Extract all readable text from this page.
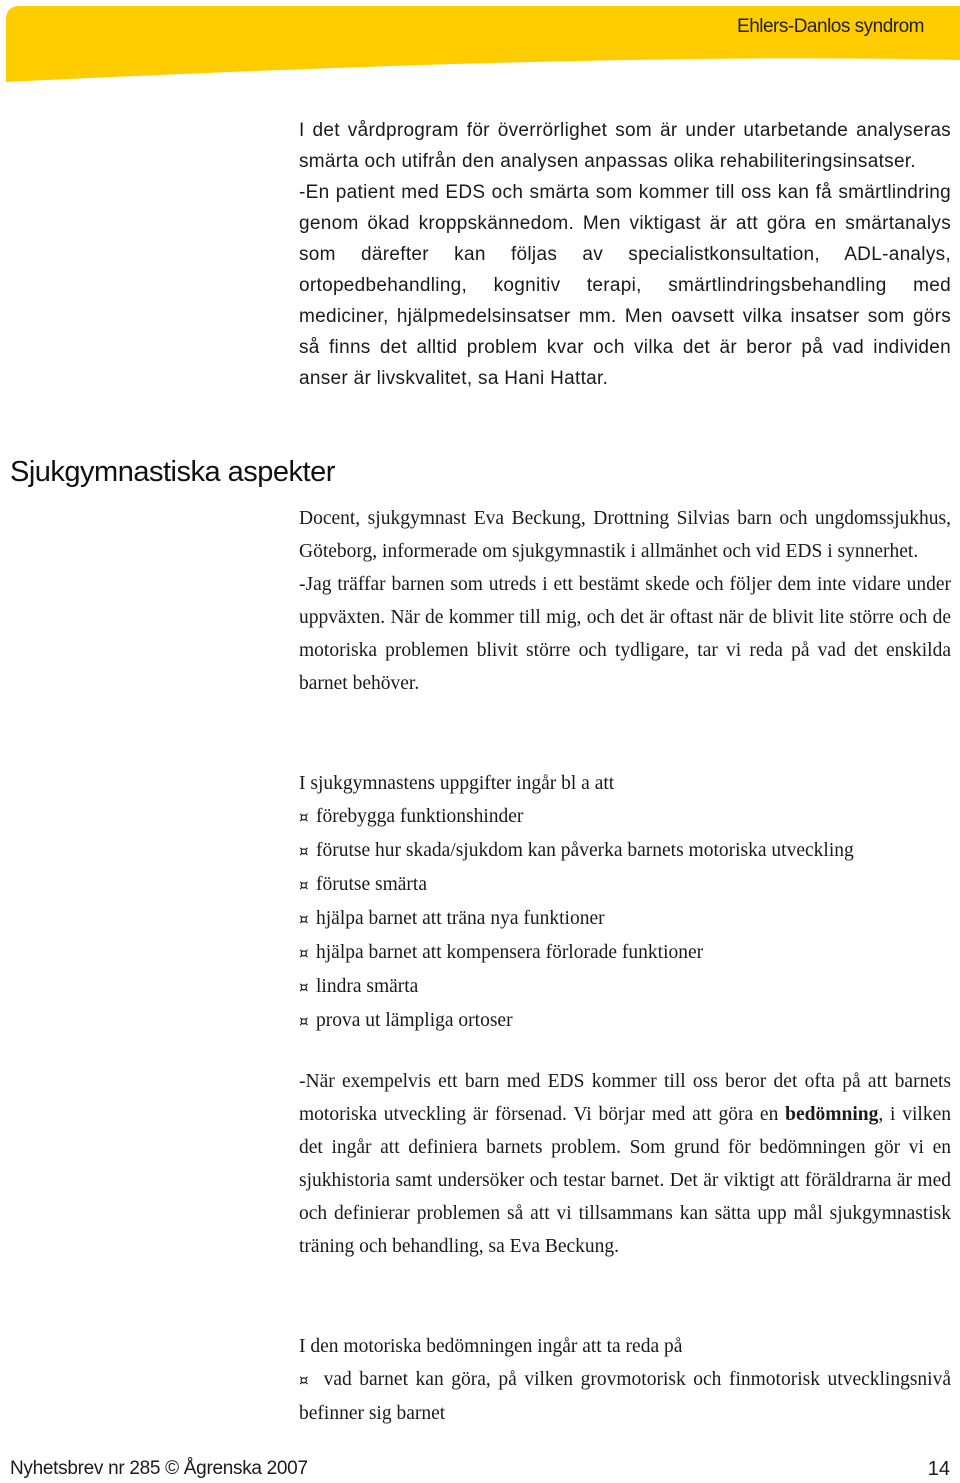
Ehlers-Danlos syndrom

I det vårdprogram för överrörlighet som är under utarbetande analyseras smärta och utifrån den analysen anpassas olika rehabiliteringsinsatser.

-En patient med EDS och smärta som kommer till oss kan få smärtlindring genom ökad kroppskännedom. Men viktigast är att göra en smärtanalys som därefter kan följas av specialistkonsultation, ADL-analys, ortopedbehandling, kognitiv terapi, smärtlindringsbehandling med mediciner, hjälpmedelsinsatser mm. Men oavsett vilka insatser som görs så finns det alltid problem kvar och vilka det är beror på vad individen anser är livskvalitet, sa Hani Hattar.

Sjukgymnastiska aspekter

Docent, sjukgymnast Eva Beckung, Drottning Silvias barn och ungdomssjukhus, Göteborg, informerade om sjukgymnastik i allmänhet och vid EDS i synnerhet.

-Jag träffar barnen som utreds i ett bestämt skede och följer dem inte vidare under uppväxten. När de kommer till mig, och det är oftast när de blivit lite större och de motoriska problemen blivit större och tydligare, tar vi reda på vad det enskilda barnet behöver.

I sjukgymnastens uppgifter ingår bl a att

¤ förebygga funktionshinder
¤ förutse hur skada/sjukdom kan påverka barnets motoriska utveckling
¤ förutse smärta
¤ hjälpa barnet att träna nya funktioner
¤ hjälpa barnet att kompensera förlorade funktioner
¤ lindra smärta
¤ prova ut lämpliga ortoser

-När exempelvis ett barn med EDS kommer till oss beror det ofta på att barnets motoriska utveckling är försenad. Vi börjar med att göra en bedömning, i vilken det ingår att definiera barnets problem. Som grund för bedömningen gör vi en sjukhistoria samt undersöker och testar barnet. Det är viktigt att föräldrarna är med och definierar problemen så att vi tillsammans kan sätta upp mål sjukgymnastisk träning och behandling, sa Eva Beckung.

I den motoriska bedömningen ingår att ta reda på

¤ vad barnet kan göra, på vilken grovmotorisk och finmotorisk utvecklingsnivå befinner sig barnet

Nyhetsbrev nr 285 © Ågrenska 2007	14
